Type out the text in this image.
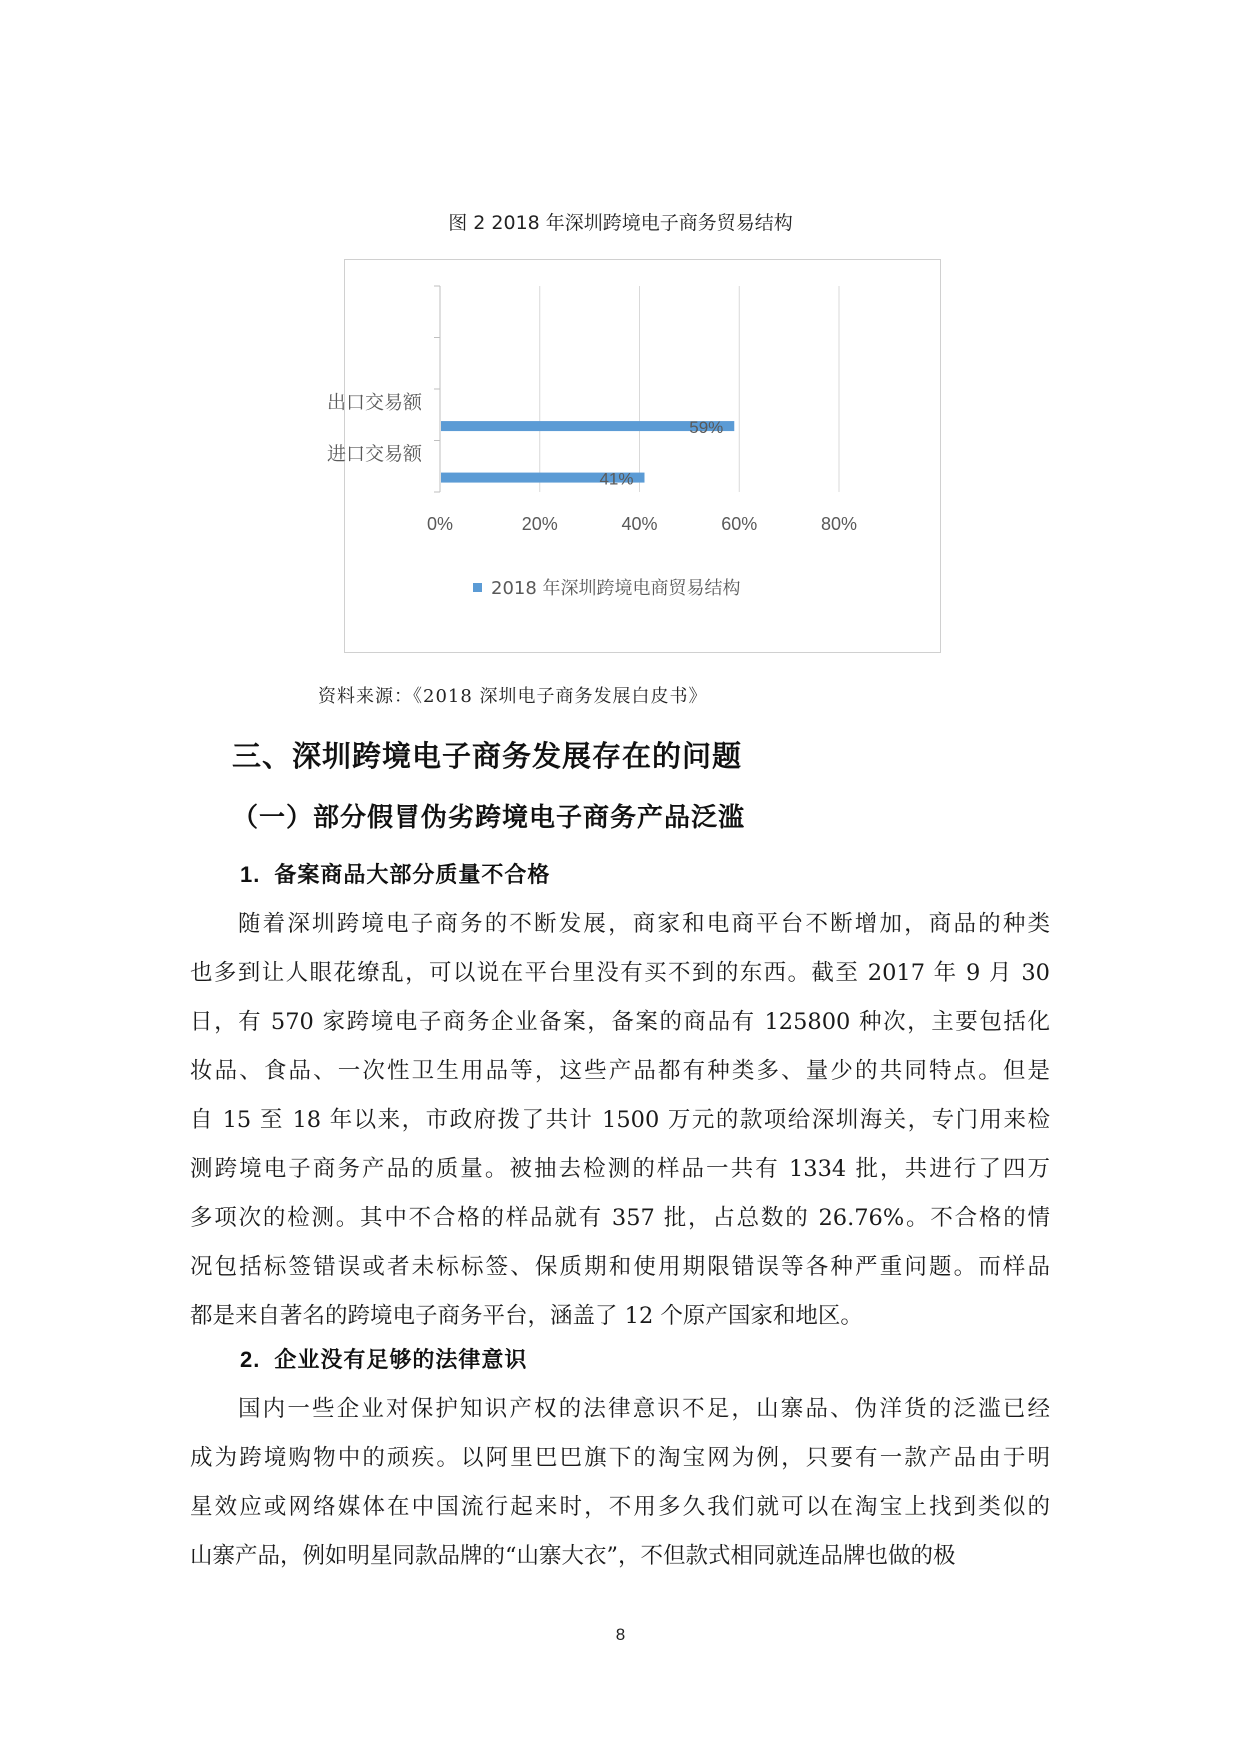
图 2 2018 年深圳跨境电子商务贸易结构
0%	20%	40%	60%	80%
进口交易额
41%
出口交易额
59%
2018 年深圳跨境电商贸易结构
资料来源：《2018 深圳电子商务发展白皮书》
三、深圳跨境电子商务发展存在的问题
（一）部分假冒伪劣跨境电子商务产品泛滥
1. 备案商品大部分质量不合格
随着深圳跨境电子商务的不断发展，商家和电商平台不断增加，商品的种类
也多到让人眼花缭乱，可以说在平台里没有买不到的东西。截至 2017 年 9 月 30
日，有 570 家跨境电子商务企业备案，备案的商品有 125800 种次，主要包括化
妆品、食品、一次性卫生用品等，这些产品都有种类多、量少的共同特点。但是
自 15 至 18 年以来，市政府拨了共计 1500 万元的款项给深圳海关，专门用来检
测跨境电子商务产品的质量。被抽去检测的样品一共有 1334 批，共进行了四万
多项次的检测。其中不合格的样品就有 357 批，占总数的 26.76%。不合格的情
况包括标签错误或者未标标签、保质期和使用期限错误等各种严重问题。而样品
都是来自著名的跨境电子商务平台，涵盖了 12 个原产国家和地区。
2. 企业没有足够的法律意识
国内一些企业对保护知识产权的法律意识不足，山寨品、伪洋货的泛滥已经
成为跨境购物中的顽疾。以阿里巴巴旗下的淘宝网为例，只要有一款产品由于明
星效应或网络媒体在中国流行起来时，不用多久我们就可以在淘宝上找到类似的
山寨产品，例如明星同款品牌的“山寨大衣”，不但款式相同就连品牌也做的极
8
